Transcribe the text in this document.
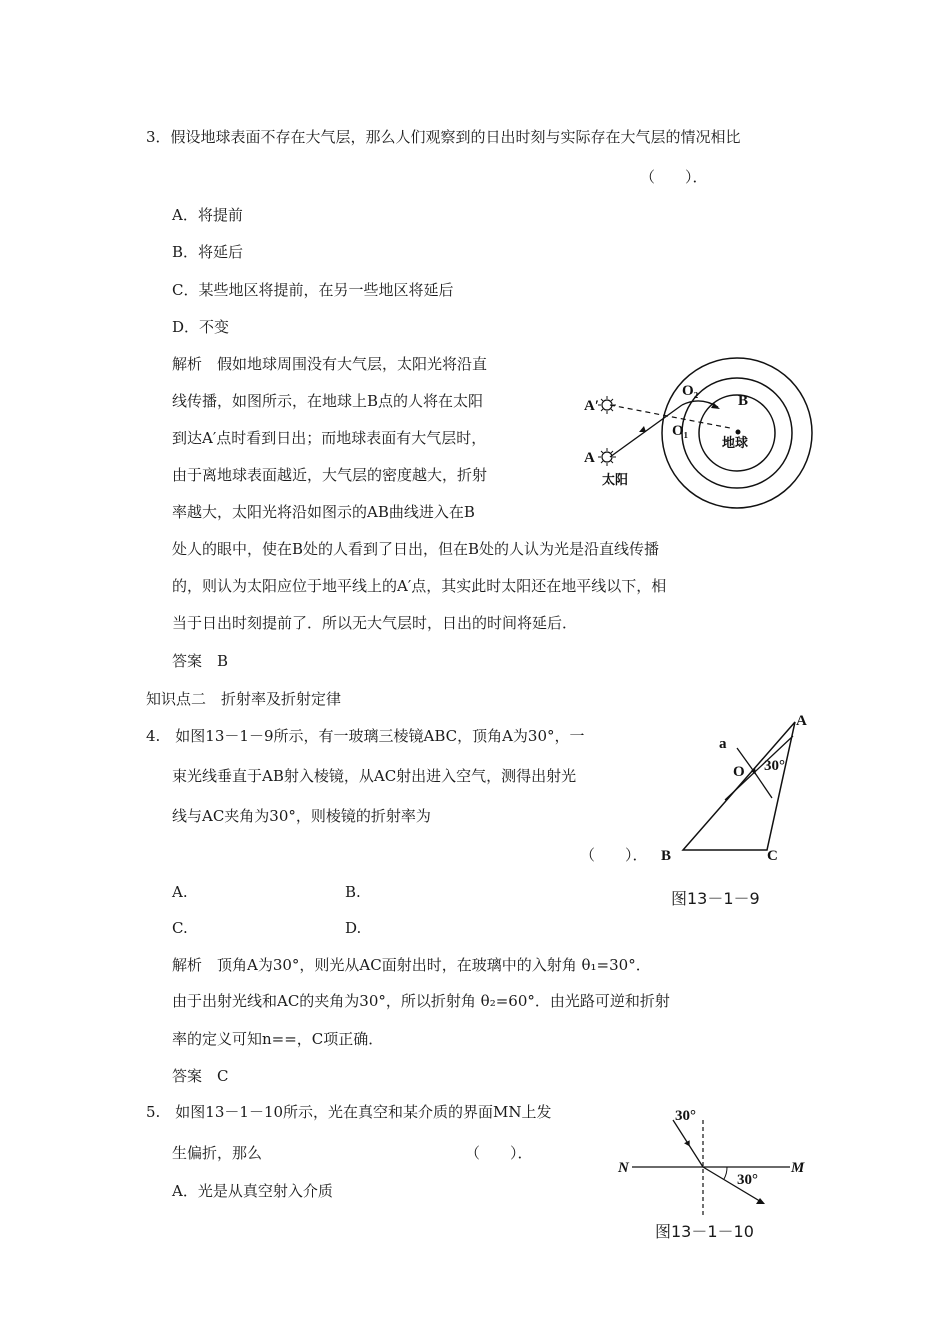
3．假设地球表面不存在大气层，那么人们观察到的日出时刻与实际存在大气层的情况相比
（　　）．
A．将提前
B．将延后
C．某些地区将提前，在另一些地区将延后
D．不变
解析　假如地球周围没有大气层，太阳光将沿直
线传播，如图所示，在地球上B点的人将在太阳
到达A′点时看到日出；而地球表面有大气层时，
由于离地球表面越近，大气层的密度越大，折射
率越大，太阳光将沿如图示的AB曲线进入在B
处人的眼中，使在B处的人看到了日出，但在B处的人认为光是沿直线传播
的，则认为太阳应位于地平线上的A′点，其实此时太阳还在地平线以下，相
当于日出时刻提前了．所以无大气层时，日出的时间将延后．
答案　B
A′
A
O₂
O₁
B
地球
太阳
知识点二　折射率及折射定律
4.　如图13－1－9所示，有一玻璃三棱镜ABC，顶角A为30°，一
束光线垂直于AB射入棱镜，从AC射出进入空气，测得出射光
线与AC夹角为30°，则棱镜的折射率为
（　　）．
A.	B.
C.	D.
解析　顶角A为30°，则光从AC面射出时，在玻璃中的入射角 θ₁=30°．
由于出射光线和AC的夹角为30°，所以折射角 θ₂=60°．由光路可逆和折射
率的定义可知n==，C项正确．
答案　C
A
B	C
O
a
30°
图13－1－9
5.　如图13－1－10所示，光在真空和某介质的界面MN上发
生偏折，那么	（　　）．
A．光是从真空射入介质
30°
30°
N	M
图13－1－10
